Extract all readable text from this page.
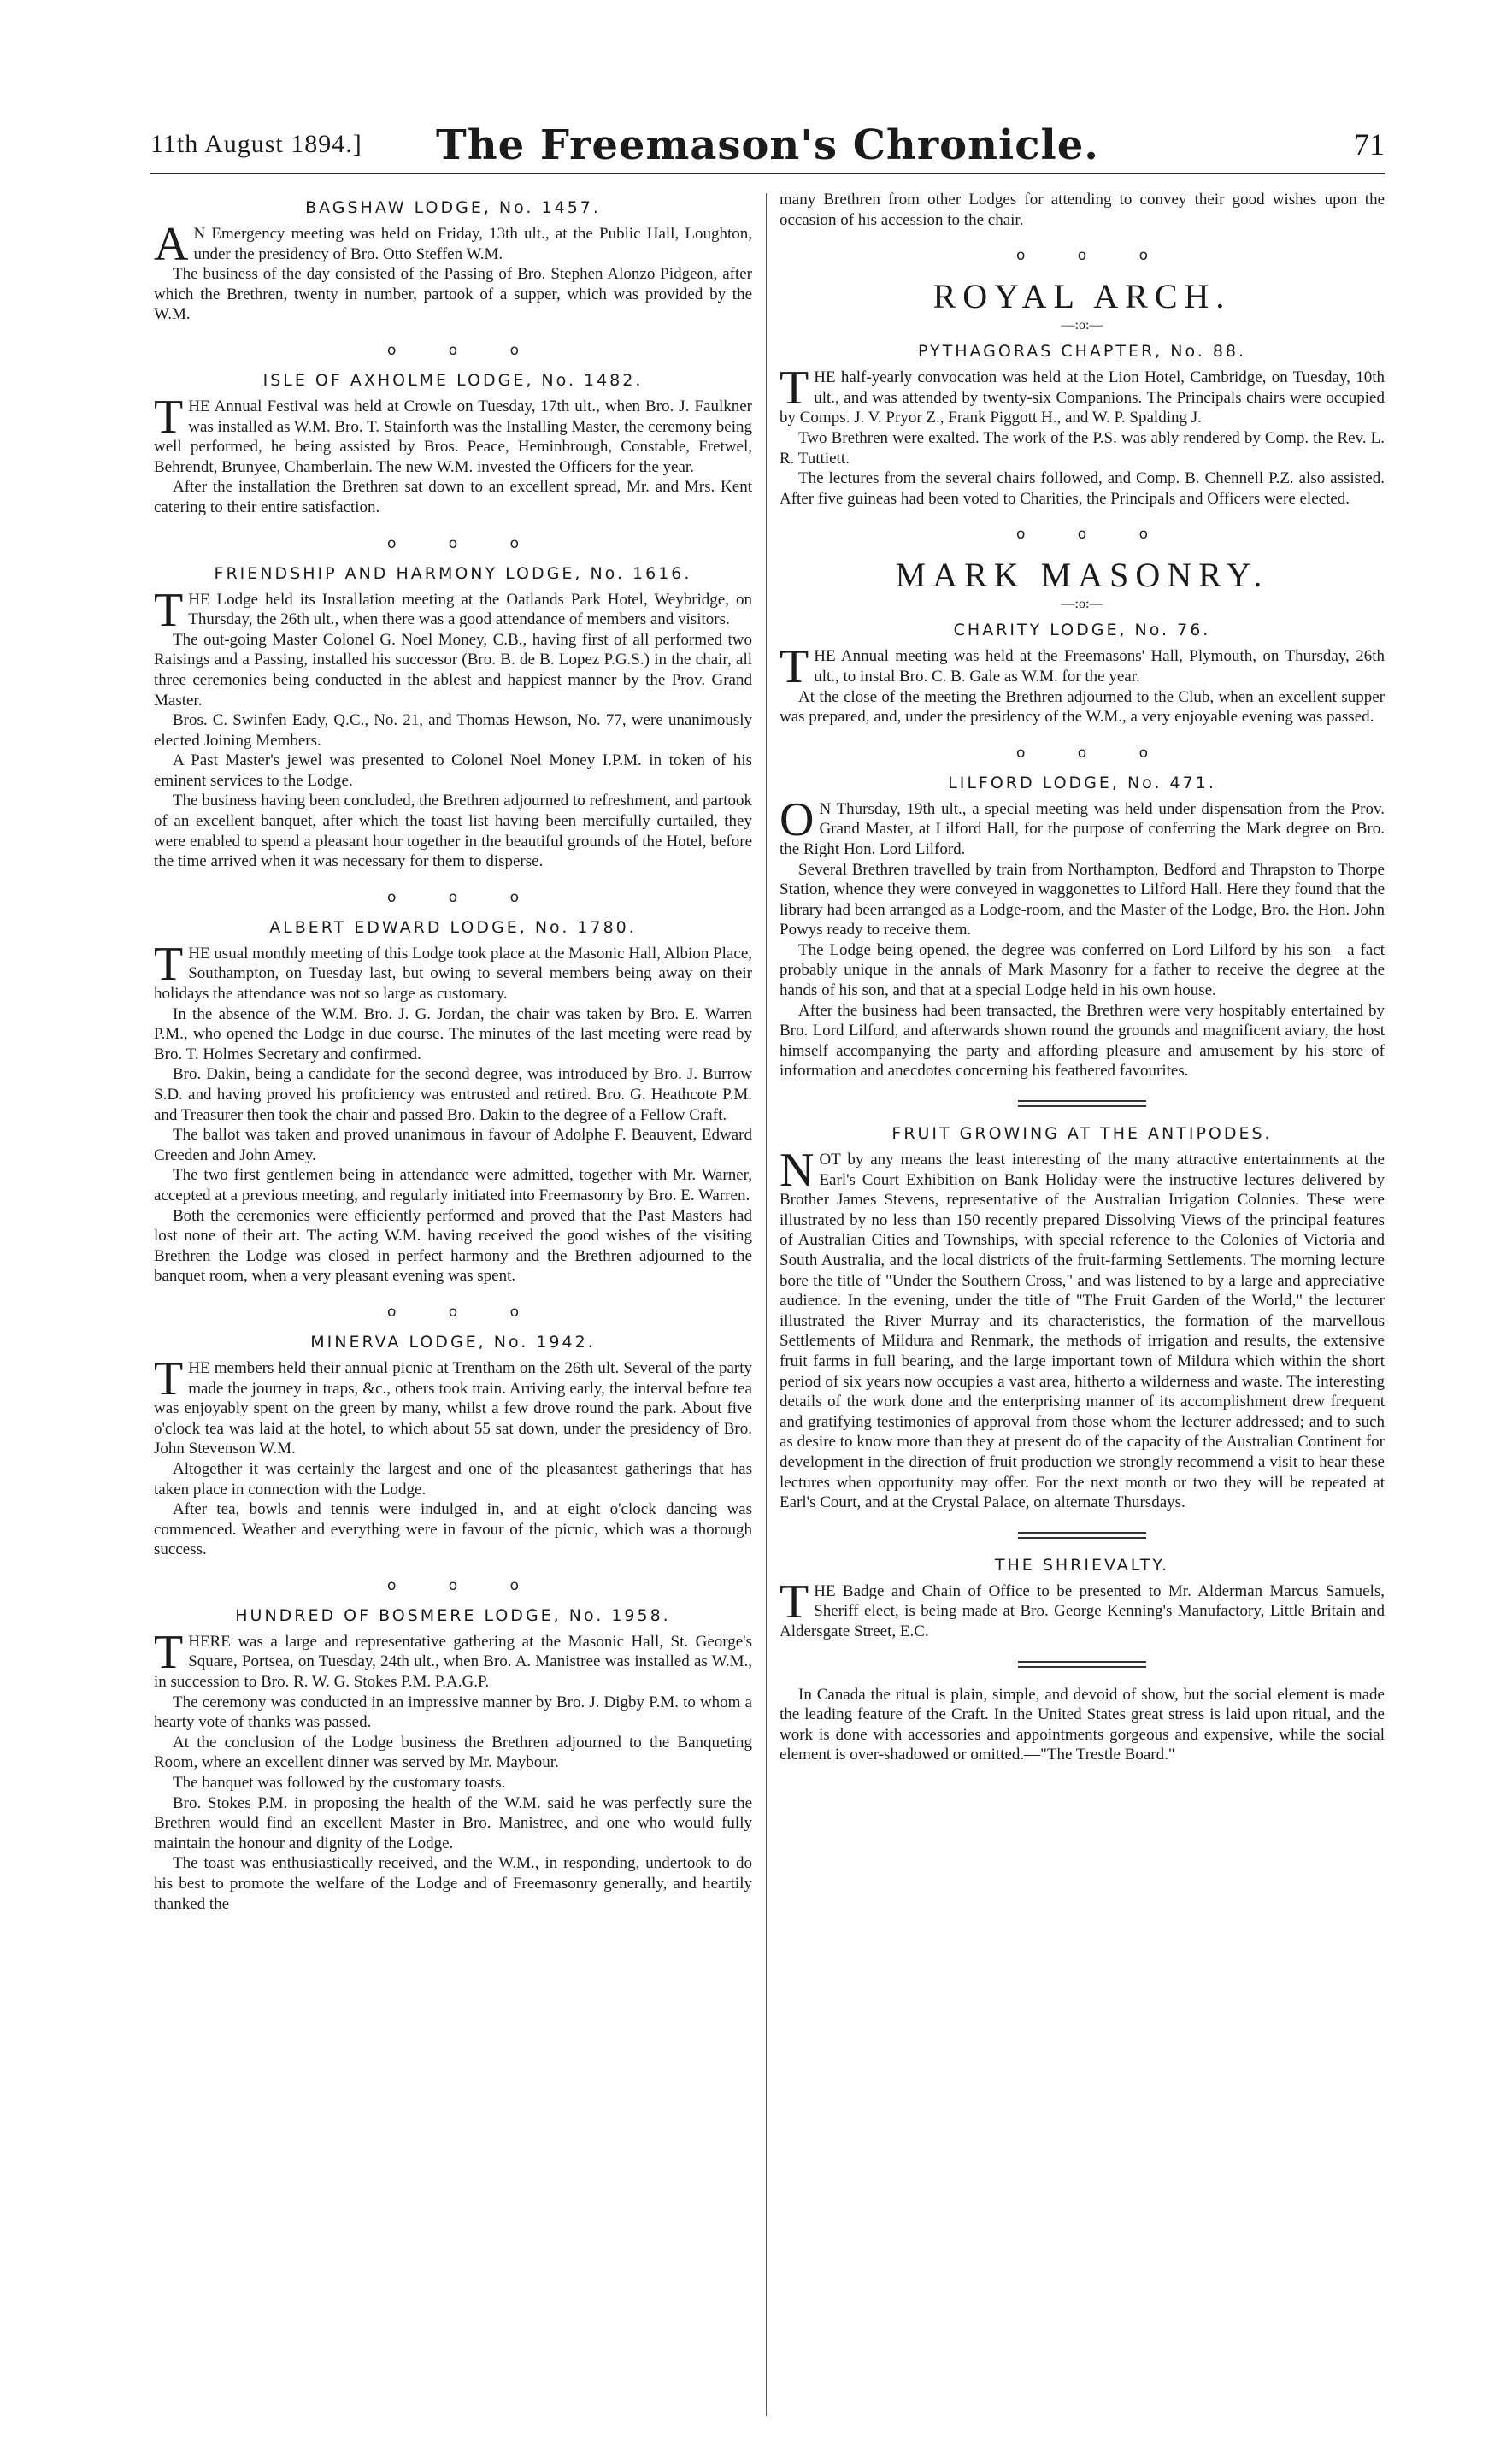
11th August 1894.]	The Freemason's Chronicle.	71
BAGSHAW LODGE, No. 1457.

A N Emergency meeting was held on Friday, 13th ult., at the Public Hall, Loughton, under the presidency of Bro. Otto Steffen W.M.

The business of the day consisted of the Passing of Bro. Stephen Alonzo Pidgeon, after which the Brethren, twenty in number, partook of a supper, which was provided by the W.M.

o o o
ISLE OF AXHOLME LODGE, No. 1482.

THE Annual Festival was held at Crowle on Tuesday, 17th ult., when Bro. J. Faulkner was installed as W.M. Bro. T. Stainforth was the Installing Master, the ceremony being well performed, he being assisted by Bros. Peace, Heminbrough, Constable, Fretwel, Behrendt, Brunyee, Chamberlain. The new W.M. invested the Officers for the year.

After the installation the Brethren sat down to an excellent spread, Mr. and Mrs. Kent catering to their entire satisfaction.

o o o
FRIENDSHIP AND HARMONY LODGE, No. 1616.

THE Lodge held its Installation meeting at the Oatlands Park Hotel, Weybridge, on Thursday, the 26th ult., when there was a good attendance of members and visitors.

The out-going Master Colonel G. Noel Money, C.B., having first of all performed two Raisings and a Passing, installed his successor (Bro. B. de B. Lopez P.G.S.) in the chair, all three ceremonies being conducted in the ablest and happiest manner by the Prov. Grand Master.

Bros. C. Swinfen Eady, Q.C., No. 21, and Thomas Hewson, No. 77, were unanimously elected Joining Members.

A Past Master's jewel was presented to Colonel Noel Money I.P.M. in token of his eminent services to the Lodge.

The business having been concluded, the Brethren adjourned to refreshment, and partook of an excellent banquet, after which the toast list having been mercifully curtailed, they were enabled to spend a pleasant hour together in the beautiful grounds of the Hotel, before the time arrived when it was necessary for them to disperse.

o o o
ALBERT EDWARD LODGE, No. 1780.

THE usual monthly meeting of this Lodge took place at the Masonic Hall, Albion Place, Southampton, on Tuesday last, but owing to several members being away on their holidays the attendance was not so large as customary.

In the absence of the W.M. Bro. J. G. Jordan, the chair was taken by Bro. E. Warren P.M., who opened the Lodge in due course. The minutes of the last meeting were read by Bro. T. Holmes Secretary and confirmed.

Bro. Dakin, being a candidate for the second degree, was introduced by Bro. J. Burrow S.D. and having proved his proficiency was entrusted and retired. Bro. G. Heathcote P.M. and Treasurer then took the chair and passed Bro. Dakin to the degree of a Fellow Craft.

The ballot was taken and proved unanimous in favour of Adolphe F. Beauvent, Edward Creeden and John Amey.

The two first gentlemen being in attendance were admitted, together with Mr. Warner, accepted at a previous meeting, and regularly initiated into Freemasonry by Bro. E. Warren.

Both the ceremonies were efficiently performed and proved that the Past Masters had lost none of their art. The acting W.M. having received the good wishes of the visiting Brethren the Lodge was closed in perfect harmony and the Brethren adjourned to the banquet room, when a very pleasant evening was spent.

o o o
MINERVA LODGE, No. 1942.

THE members held their annual picnic at Trentham on the 26th ult. Several of the party made the journey in traps, &c., others took train. Arriving early, the interval before tea was enjoyably spent on the green by many, whilst a few drove round the park. About five o'clock tea was laid at the hotel, to which about 55 sat down, under the presidency of Bro. John Stevenson W.M.

Altogether it was certainly the largest and one of the pleasantest gatherings that has taken place in connection with the Lodge.

After tea, bowls and tennis were indulged in, and at eight o'clock dancing was commenced. Weather and everything were in favour of the picnic, which was a thorough success.

o o o
HUNDRED OF BOSMERE LODGE, No. 1958.

THERE was a large and representative gathering at the Masonic Hall, St. George's Square, Portsea, on Tuesday, 24th ult., when Bro. A. Manistree was installed as W.M., in succession to Bro. R. W. G. Stokes P.M. P.A.G.P.

The ceremony was conducted in an impressive manner by Bro. J. Digby P.M. to whom a hearty vote of thanks was passed.

At the conclusion of the Lodge business the Brethren adjourned to the Banqueting Room, where an excellent dinner was served by Mr. Maybour.

The banquet was followed by the customary toasts.

Bro. Stokes P.M. in proposing the health of the W.M. said he was perfectly sure the Brethren would find an excellent Master in Bro. Manistree, and one who would fully maintain the honour and dignity of the Lodge.

The toast was enthusiastically received, and the W.M., in responding, undertook to do his best to promote the welfare of the Lodge and of Freemasonry generally, and heartily thanked the

many Brethren from other Lodges for attending to convey their good wishes upon the occasion of his accession to the chair.

o o o
ROYAL ARCH.
—:o:—
PYTHAGORAS CHAPTER, No. 88.

THE half-yearly convocation was held at the Lion Hotel, Cambridge, on Tuesday, 10th ult., and was attended by twenty-six Companions. The Principals chairs were occupied by Comps. J. V. Pryor Z., Frank Piggott H., and W. P. Spalding J.

Two Brethren were exalted. The work of the P.S. was ably rendered by Comp. the Rev. L. R. Tuttiett.

The lectures from the several chairs followed, and Comp. B. Chennell P.Z. also assisted. After five guineas had been voted to Charities, the Principals and Officers were elected.

o o o
MARK MASONRY.
—:o:—
CHARITY LODGE, No. 76.

THE Annual meeting was held at the Freemasons' Hall, Plymouth, on Thursday, 26th ult., to instal Bro. C. B. Gale as W.M. for the year.

At the close of the meeting the Brethren adjourned to the Club, when an excellent supper was prepared, and, under the presidency of the W.M., a very enjoyable evening was passed.

o o o
LILFORD LODGE, No. 471.

O N Thursday, 19th ult., a special meeting was held under dispensation from the Prov. Grand Master, at Lilford Hall, for the purpose of conferring the Mark degree on Bro. the Right Hon. Lord Lilford.

Several Brethren travelled by train from Northampton, Bedford and Thrapston to Thorpe Station, whence they were conveyed in waggonettes to Lilford Hall. Here they found that the library had been arranged as a Lodge-room, and the Master of the Lodge, Bro. the Hon. John Powys ready to receive them.

The Lodge being opened, the degree was conferred on Lord Lilford by his son—a fact probably unique in the annals of Mark Masonry for a father to receive the degree at the hands of his son, and that at a special Lodge held in his own house.

After the business had been transacted, the Brethren were very hospitably entertained by Bro. Lord Lilford, and afterwards shown round the grounds and magnificent aviary, the host himself accompanying the party and affording pleasure and amusement by his store of information and anecdotes concerning his feathered favourites.

FRUIT GROWING AT THE ANTIPODES.

NOT by any means the least interesting of the many attractive entertainments at the Earl's Court Exhibition on Bank Holiday were the instructive lectures delivered by Brother James Stevens, representative of the Australian Irrigation Colonies. These were illustrated by no less than 150 recently prepared Dissolving Views of the principal features of Australian Cities and Townships, with special reference to the Colonies of Victoria and South Australia, and the local districts of the fruit-farming Settlements. The morning lecture bore the title of "Under the Southern Cross," and was listened to by a large and appreciative audience. In the evening, under the title of "The Fruit Garden of the World," the lecturer illustrated the River Murray and its characteristics, the formation of the marvellous Settlements of Mildura and Renmark, the methods of irrigation and results, the extensive fruit farms in full bearing, and the large important town of Mildura which within the short period of six years now occupies a vast area, hitherto a wilderness and waste. The interesting details of the work done and the enterprising manner of its accomplishment drew frequent and gratifying testimonies of approval from those whom the lecturer addressed; and to such as desire to know more than they at present do of the capacity of the Australian Continent for development in the direction of fruit production we strongly recommend a visit to hear these lectures when opportunity may offer. For the next month or two they will be repeated at Earl's Court, and at the Crystal Palace, on alternate Thursdays.

THE SHRIEVALTY.

THE Badge and Chain of Office to be presented to Mr. Alderman Marcus Samuels, Sheriff elect, is being made at Bro. George Kenning's Manufactory, Little Britain and Aldersgate Street, E.C.

In Canada the ritual is plain, simple, and devoid of show, but the social element is made the leading feature of the Craft. In the United States great stress is laid upon ritual, and the work is done with accessories and appointments gorgeous and expensive, while the social element is over-shadowed or omitted.—"The Trestle Board."
